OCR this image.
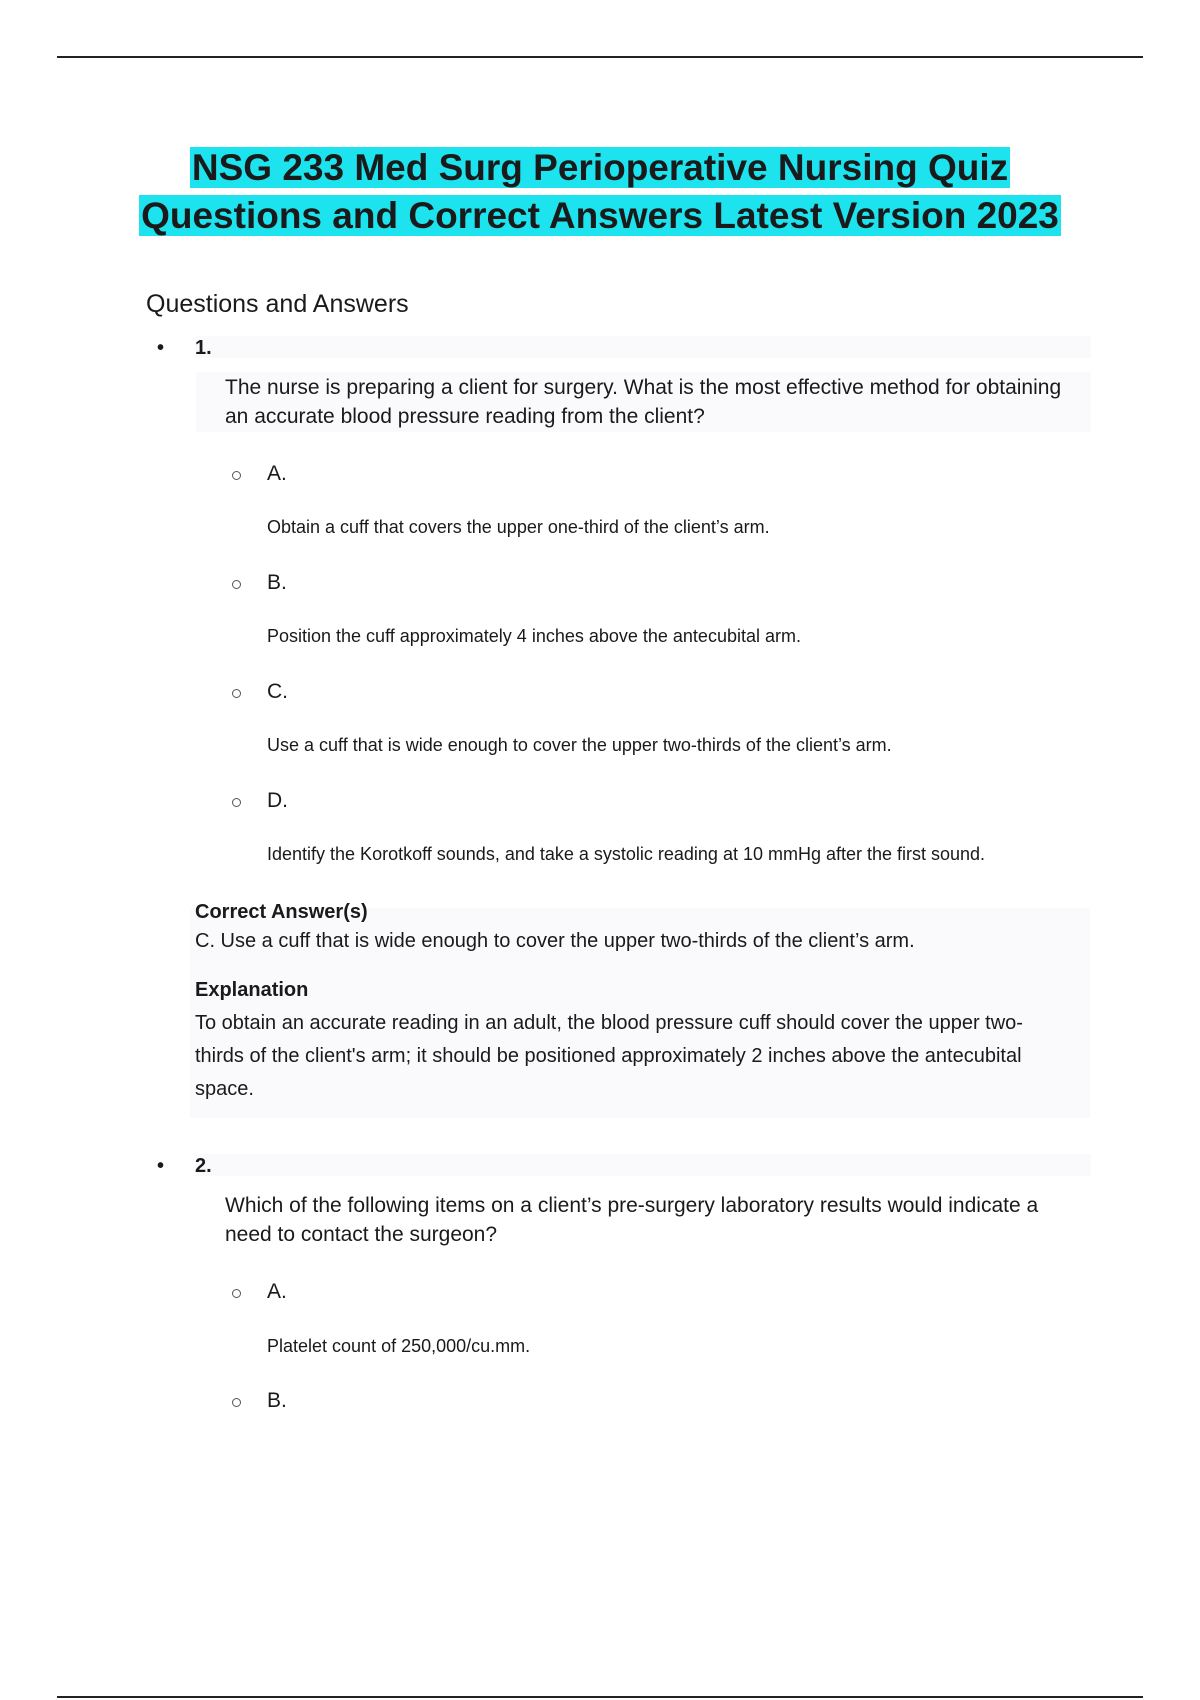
NSG 233 Med Surg Perioperative Nursing Quiz Questions and Correct Answers Latest Version 2023
Questions and Answers
• 1.
The nurse is preparing a client for surgery. What is the most effective method for obtaining an accurate blood pressure reading from the client?
A.
Obtain a cuff that covers the upper one-third of the client’s arm.
B.
Position the cuff approximately 4 inches above the antecubital arm.
C.
Use a cuff that is wide enough to cover the upper two-thirds of the client’s arm.
D.
Identify the Korotkoff sounds, and take a systolic reading at 10 mmHg after the first sound.
Correct Answer(s)
C. Use a cuff that is wide enough to cover the upper two-thirds of the client’s arm.
Explanation
To obtain an accurate reading in an adult, the blood pressure cuff should cover the upper two-thirds of the client's arm; it should be positioned approximately 2 inches above the antecubital space.
• 2.
Which of the following items on a client’s pre-surgery laboratory results would indicate a need to contact the surgeon?
A.
Platelet count of 250,000/cu.mm.
B.
